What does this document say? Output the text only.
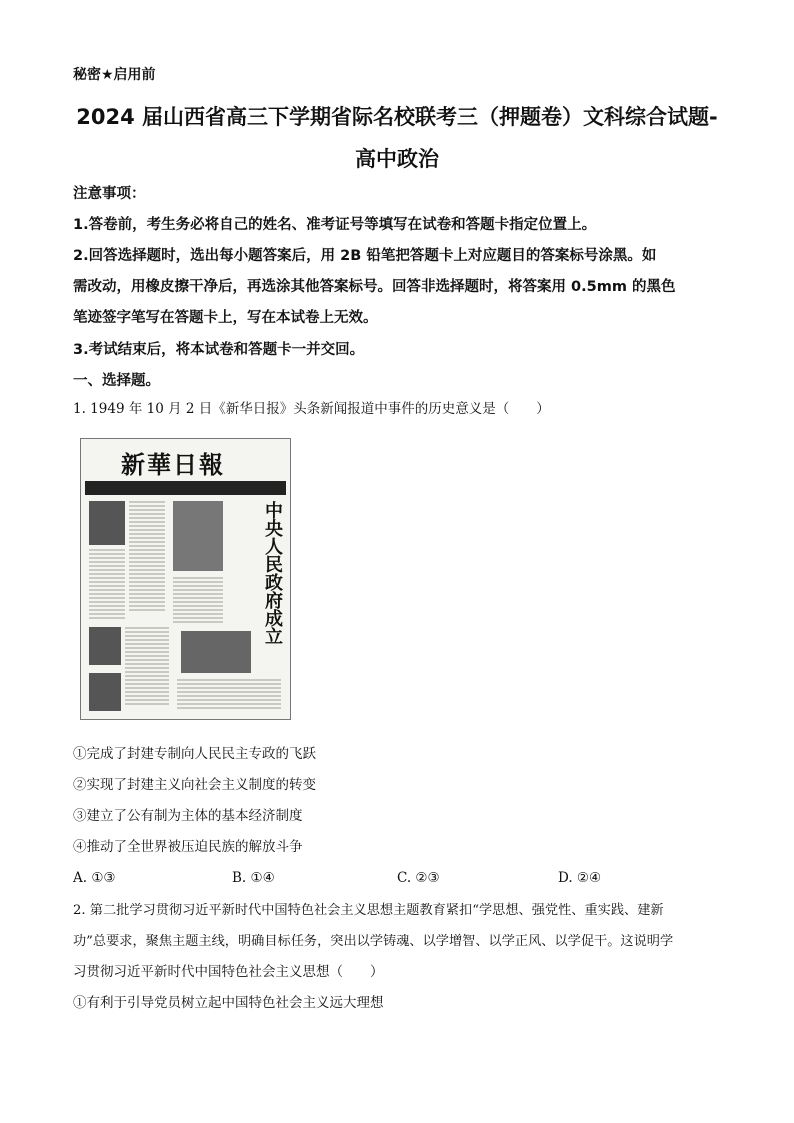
秘密★启用前
2024 届山西省高三下学期省际名校联考三（押题卷）文科综合试题-
高中政治
注意事项：
1.答卷前，考生务必将自己的姓名、准考证号等填写在试卷和答题卡指定位置上。
2.回答选择题时，选出每小题答案后，用 2B 铅笔把答题卡上对应题目的答案标号涂黑。如
需改动，用橡皮擦干净后，再选涂其他答案标号。回答非选择题时，将答案用 0.5mm 的黑色
笔迹签字笔写在答题卡上，写在本试卷上无效。
3.考试结束后，将本试卷和答题卡一并交回。
一、选择题。
1. 1949 年 10 月 2 日《新华日报》头条新闻报道中事件的历史意义是（　　）
新華日報
中央人民政府成立
①完成了封建专制向人民民主专政的飞跃
②实现了封建主义向社会主义制度的转变
③建立了公有制为主体的基本经济制度
④推动了全世界被压迫民族的解放斗争
A. ①③	B. ①④	C. ②③	D. ②④
2. 第二批学习贯彻习近平新时代中国特色社会主义思想主题教育紧扣“学思想、强党性、重实践、建新
功”总要求，聚焦主题主线，明确目标任务，突出以学铸魂、以学增智、以学正风、以学促干。这说明学
习贯彻习近平新时代中国特色社会主义思想（　　）
①有利于引导党员树立起中国特色社会主义远大理想
